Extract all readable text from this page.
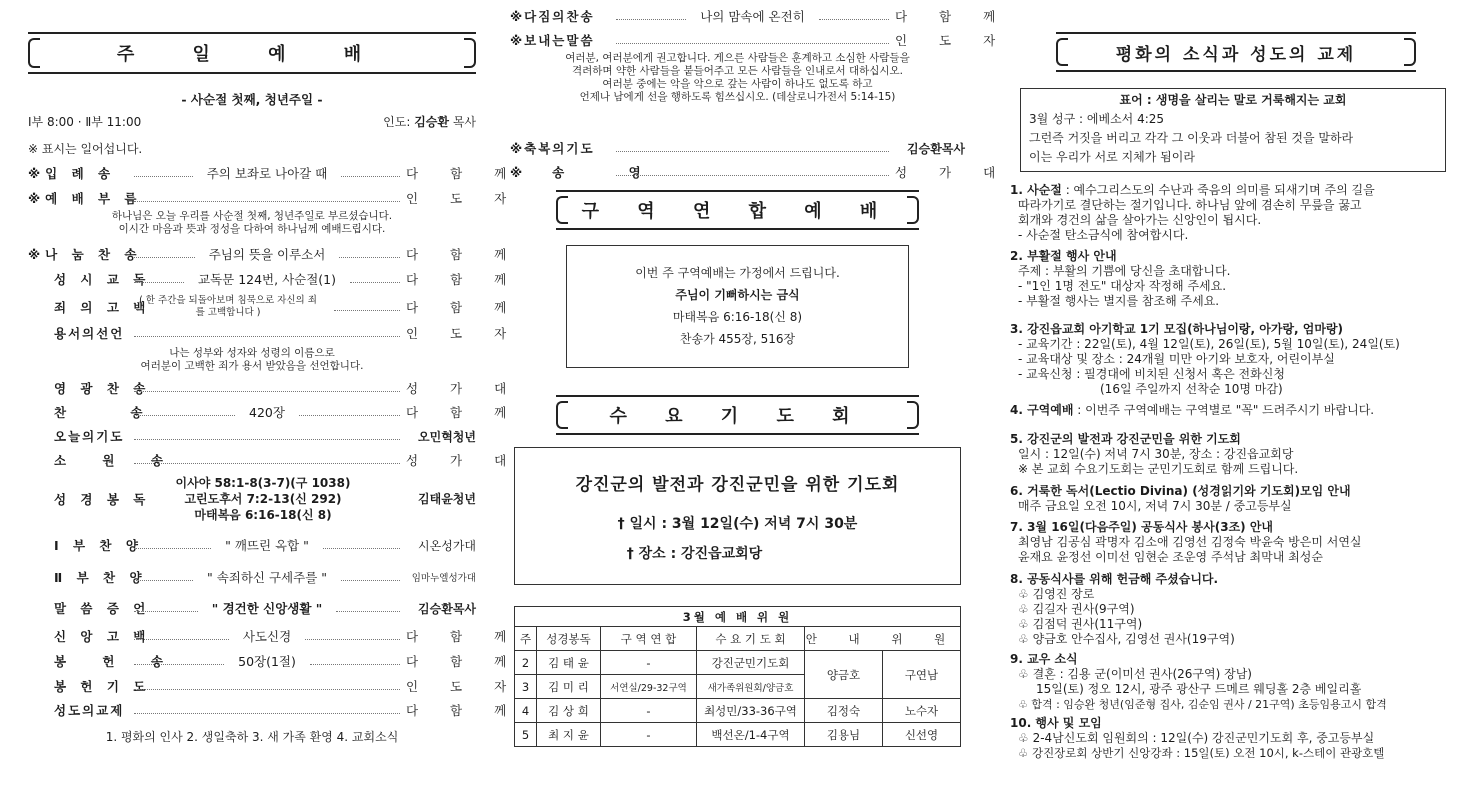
주 일 예 배
- 사순절 첫째, 청년주일 -
Ⅰ부 8:00 · Ⅱ부 11:00	인도: 김승환 목사
※ 표시는 일어섭니다.
※입 례 송	주의 보좌로 나아갈 때	다 함 께
※예 배 부 름	인 도 자
하나님은 오늘 우리를 사순절 첫째, 청년주일로 부르셨습니다.
이시간 마음과 뜻과 정성을 다하여 하나님께 예배드립시다.
※나 눔 찬 송	주님의 뜻을 이루소서	다 함 께
성 시 교 독	교독문 124번, 사순절(1)	다 함 께
죄 의 고 백
( 한 주간을 되돌아보며 침묵으로 자신의 죄를 고백합니다 )	다 함 께
용서의선언	인 도 자
나는 성부와 성자와 성령의 이름으로
여러분이 고백한 죄가 용서 받았음을 선언합니다.
영 광 찬 송	성 가 대
찬 송	420장	다 함 께
오늘의기도	오민혁청년
소 원 송	성 가 대
성 경 봉 독
이사야 58:1-8(3-7)(구 1038)
고린도후서 7:2-13(신 292)
마태복음 6:16-18(신 8)
김태윤청년
Ⅰ 부 찬 양	" 깨뜨린 옥합 "	시온성가대
Ⅱ 부 찬 양	" 속죄하신 구세주를 "	임마누엘성가대
말 씀 증 언	" 경건한 신앙생활 "	김승환목사
신 앙 고 백	사도신경	다 함 께
봉 헌 송	50장(1절)	다 함 께
봉 헌 기 도	인 도 자
성도의교제	다 함 께
1. 평화의 인사 2. 생일축하 3. 새 가족 환영 4. 교회소식
※다짐의찬송	나의 맘속에 온전히	다 함 께
※보내는말씀	인 도 자
여러분, 여러분에게 권고합니다. 게으른 사람들은 훈계하고 소심한 사람들을
격려하며 약한 사람들을 붙들어주고 모든 사람들을 인내로서 대하십시오.
여러분 중에는 악을 악으로 갚는 사람이 하나도 없도록 하고
언제나 남에게 선을 행하도록 힘쓰십시오. (데살로니가전서 5:14-15)
※축복의기도	김승환목사
※송 영	성 가 대
구 역 연 합 예 배
이번 주 구역예배는 가정에서 드립니다.
주님이 기뻐하시는 금식
마태복음 6:16-18(신 8)
찬송가 455장, 516장
수 요 기 도 회
강진군의 발전과 강진군민을 위한 기도회
† 일시 : 3월 12일(수) 저녁 7시 30분
† 장소 : 강진읍교회당
3월 예 배 위 원					
주	성경봉독	구 역 연 합	수 요 기 도 회	안 내 위 원	
2	김 태 윤	-	강진군민기도회	양금호	구연남
3	김 미 리	서연실/29-32구역	새가족위원회/양금호		
4	김 상 희	-	최성민/33-36구역	김정숙	노수자
5	최 지 윤	-	백선온/1-4구역	김용님	신선영
평화의 소식과 성도의 교제
표어 : 생명을 살리는 말로 거룩해지는 교회
3월 성구 : 에베소서 4:25
그런즉 거짓을 버리고 각각 그 이웃과 더불어 참된 것을 말하라
이는 우리가 서로 지체가 됨이라
1. 사순절 : 예수그리스도의 수난과 죽음의 의미를 되새기며 주의 길을
따라가기로 결단하는 절기입니다. 하나님 앞에 겸손히 무릎을 꿇고
회개와 경건의 삶을 살아가는 신앙인이 됩시다.
- 사순절 탄소금식에 참여합시다.
2. 부활절 행사 안내
주제 : 부활의 기쁨에 당신을 초대합니다.
- "1인 1명 전도" 대상자 작정해 주세요.
- 부활절 행사는 별지를 참조해 주세요.
3. 강진읍교회 아기학교 1기 모집(하나님이랑, 아가랑, 엄마랑)
- 교육기간 : 22일(토), 4월 12일(토), 26일(토), 5월 10일(토), 24일(토)
- 교육대상 및 장소 : 24개월 미만 아기와 보호자, 어린이부실
- 교육신청 : 필경대에 비치된 신청서 혹은 전화신청
(16일 주일까지 선착순 10명 마감)
4. 구역예배 : 이번주 구역예배는 구역별로 "꼭" 드려주시기 바랍니다.
5. 강진군의 발전과 강진군민을 위한 기도회
일시 : 12일(수) 저녁 7시 30분, 장소 : 강진읍교회당
※ 본 교회 수요기도회는 군민기도회로 함께 드립니다.
6. 거룩한 독서(Lectio Divina) (성경읽기와 기도회)모임 안내
매주 금요일 오전 10시, 저녁 7시 30분 / 중고등부실
7. 3월 16일(다음주일) 공동식사 봉사(3조) 안내
최영남 김공심 곽명자 김소애 김영선 김정숙 박윤숙 방은미 서연실
윤재요 윤정선 이미선 임현순 조운영 주석남 최막내 최성순
8. 공동식사를 위해 헌금해 주셨습니다.
♧ 김영진 장로
♧ 김길자 권사(9구역)
♧ 김점덕 권사(11구역)
♧ 양금호 안수집사, 김영선 권사(19구역)
9. 교우 소식
♧ 결혼 : 김용 군(이미선 권사(26구역) 장남)
15일(토) 정오 12시, 광주 광산구 드메르 웨딩홀 2층 베일리홀
♧ 합격 : 임승완 청년(임준형 집사, 김순임 권사 / 21구역) 초등임용고시 합격
10. 행사 및 모임
♧ 2-4남신도회 임원회의 : 12일(수) 강진군민기도회 후, 중고등부실
♧ 강진장로회 상반기 신앙강좌 : 15일(토) 오전 10시, k-스테이 관광호텔
